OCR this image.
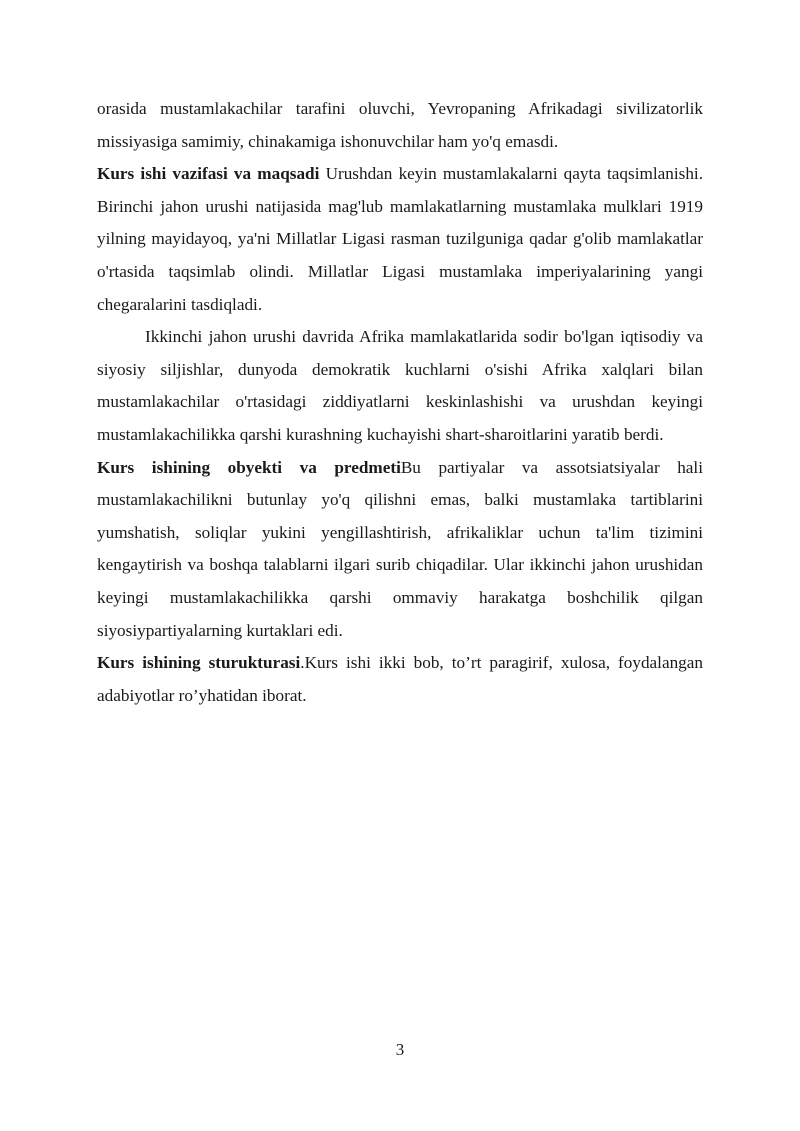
orasida mustamlakachilar tarafini oluvchi, Yevropaning Afrikadagi sivilizatorlik missiyasiga samimiy, chinakamiga ishonuvchilar ham yo'q emasdi.

Kurs ishi vazifasi va maqsadi Urushdan keyin mustamlakalarni qayta taqsimlanishi. Birinchi jahon urushi natijasida mag'lub mamlakatlarning mustamlaka mulklari 1919 yilning mayidayoq, ya'ni Millatlar Ligasi rasman tuzilguniga qadar g'olib mamlakatlar o'rtasida taqsimlab olindi. Millatlar Ligasi mustamlaka imperiyalarining yangi chegaralarini tasdiqladi.

Ikkinchi jahon urushi davrida Afrika mamlakatlarida sodir bo'lgan iqtisodiy va siyosiy siljishlar, dunyoda demokratik kuchlarni o'sishi Afrika xalqlari bilan mustamlakachilar o'rtasidagi ziddiyatlarni keskinlashishi va urushdan keyingi mustamlakachilikka qarshi kurashning kuchayishi shart-sharoitlarini yaratib berdi.

Kurs ishining obyekti va predmetiBu partiyalar va assotsiatsiyalar hali mustamlakachilikni butunlay yo'q qilishni emas, balki mustamlaka tartiblarini yumshatish, soliqlar yukini yengillashtirish, afrikaliklar uchun ta'lim tizimini kengaytirish va boshqa talablarni ilgari surib chiqadilar. Ular ikkinchi jahon urushidan keyingi mustamlakachilikka qarshi ommaviy harakatga boshchilik qilgan siyosiypartiyalarning kurtaklari edi.

Kurs ishining sturukturasi.Kurs ishi ikki bob, to’rt paragirif, xulosa, foydalangan adabiyotlar ro’yhatidan iborat.

3
